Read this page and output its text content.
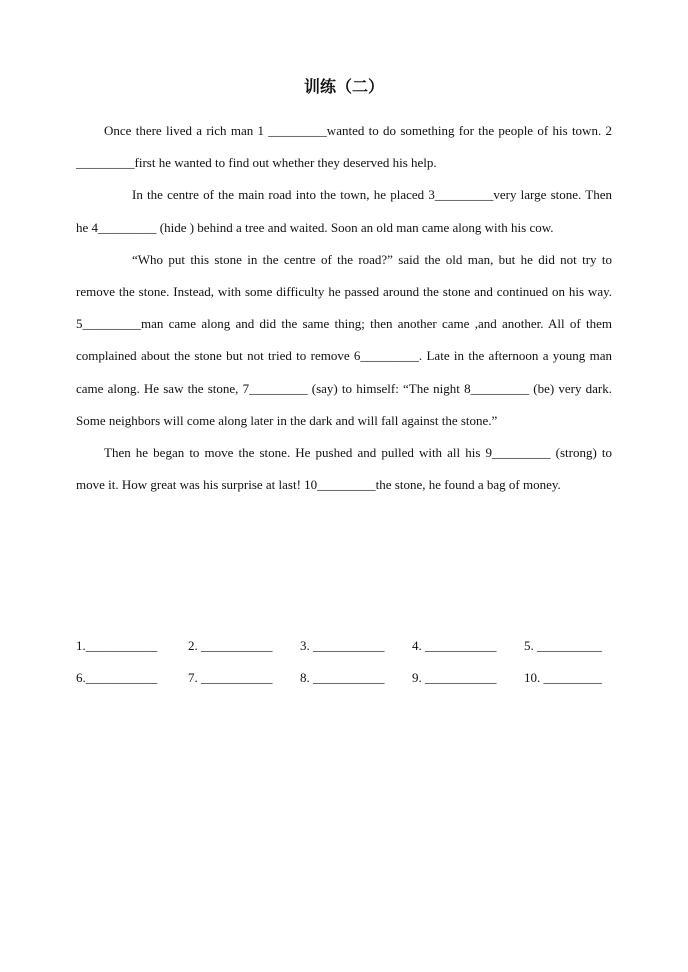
训练（二）

Once there lived a rich man 1 _________wanted to do something for the people of his town. 2 _________first he wanted to find out whether they deserved his help.

In the centre of the main road into the town, he placed 3_________very large stone. Then he 4_________ (hide ) behind a tree and waited. Soon an old man came along with his cow.

“Who put this stone in the centre of the road?” said the old man, but he did not try to remove the stone. Instead, with some difficulty he passed around the stone and continued on his way. 5_________man came along and did the same thing; then another came ,and another. All of them complained about the stone but not tried to remove 6_________. Late in the afternoon a young man came along. He saw the stone, 7_________ (say) to himself: “The night 8_________ (be) very dark. Some neighbors will come along later in the dark and will fall against the stone.”

Then he began to move the stone. He pushed and pulled with all his 9_________ (strong) to move it. How great was his surprise at last! 10_________the stone, he found a bag of money.

1.___________	2. ___________	3. ___________	4. ___________	5. __________
6.___________	7. ___________	8. ___________	9. ___________	10. _________
